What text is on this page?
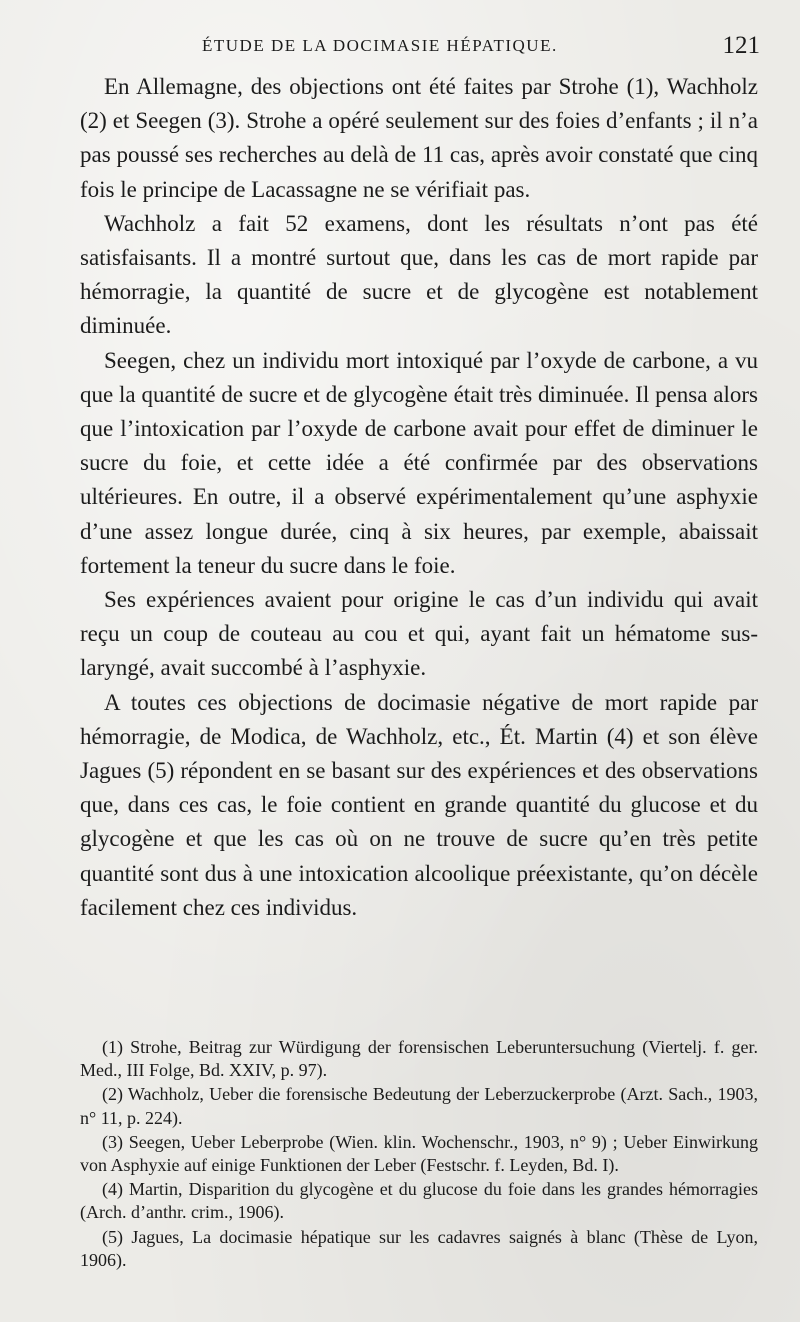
ÉTUDE DE LA DOCIMASIE HÉPATIQUE.	121

En Allemagne, des objections ont été faites par Strohe (1), Wachholz (2) et Seegen (3). Strohe a opéré seulement sur des foies d’enfants ; il n’a pas poussé ses recherches au delà de 11 cas, après avoir constaté que cinq fois le principe de Lacassagne ne se vérifiait pas.

Wachholz a fait 52 examens, dont les résultats n’ont pas été satisfaisants. Il a montré surtout que, dans les cas de mort rapide par hémorragie, la quantité de sucre et de glycogène est notablement diminuée.

Seegen, chez un individu mort intoxiqué par l’oxyde de carbone, a vu que la quantité de sucre et de glycogène était très diminuée. Il pensa alors que l’intoxication par l’oxyde de carbone avait pour effet de diminuer le sucre du foie, et cette idée a été confirmée par des observations ultérieures. En outre, il a observé expérimentalement qu’une asphyxie d’une assez longue durée, cinq à six heures, par exemple, abaissait fortement la teneur du sucre dans le foie.

Ses expériences avaient pour origine le cas d’un individu qui avait reçu un coup de couteau au cou et qui, ayant fait un hématome sus-laryngé, avait succombé à l’asphyxie.

A toutes ces objections de docimasie négative de mort rapide par hémorragie, de Modica, de Wachholz, etc., Ét. Martin (4) et son élève Jagues (5) répondent en se basant sur des expériences et des observations que, dans ces cas, le foie contient en grande quantité du glucose et du glycogène et que les cas où on ne trouve de sucre qu’en très petite quantité sont dus à une intoxication alcoolique préexistante, qu’on décèle facilement chez ces individus.

(1) Strohe, Beitrag zur Würdigung der forensischen Leberuntersuchung (Viertelj. f. ger. Med., III Folge, Bd. XXIV, p. 97).

(2) Wachholz, Ueber die forensische Bedeutung der Leberzuckerprobe (Arzt. Sach., 1903, n° 11, p. 224).

(3) Seegen, Ueber Leberprobe (Wien. klin. Wochenschr., 1903, n° 9) ; Ueber Einwirkung von Asphyxie auf einige Funktionen der Leber (Festschr. f. Leyden, Bd. I).

(4) Martin, Disparition du glycogène et du glucose du foie dans les grandes hémorragies (Arch. d’anthr. crim., 1906).

(5) Jagues, La docimasie hépatique sur les cadavres saignés à blanc (Thèse de Lyon, 1906).
